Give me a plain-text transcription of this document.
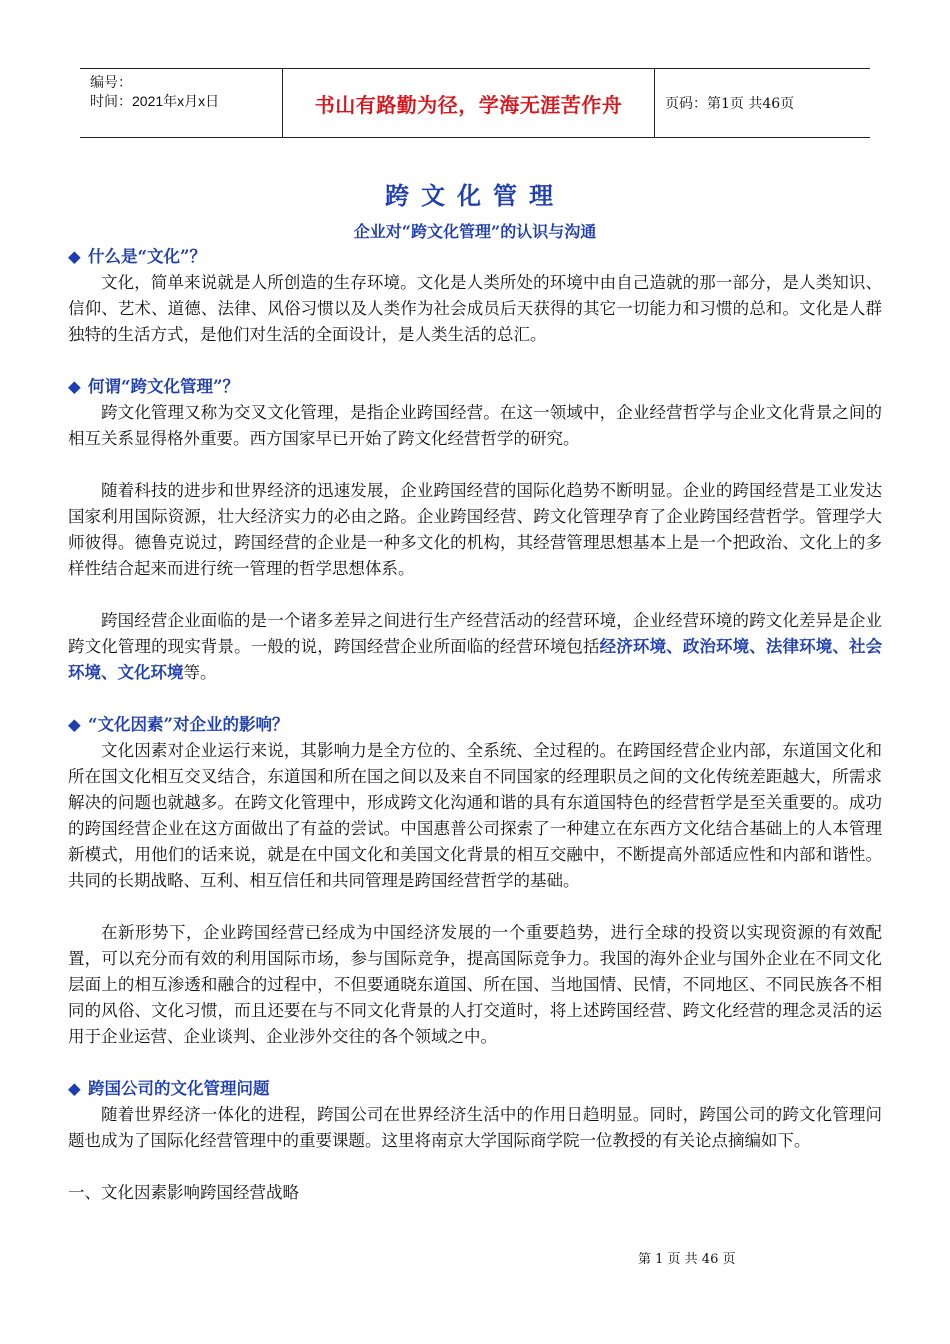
编号：
时间：2021年x月x日	书山有路勤为径，学海无涯苦作舟	页码：第1页 共46页
跨文化管理
企业对“跨文化管理”的认识与沟通
◆ 什么是“文化”？

文化，简单来说就是人所创造的生存环境。文化是人类所处的环境中由自己造就的那一部分，是人类知识、信仰、艺术、道德、法律、风俗习惯以及人类作为社会成员后天获得的其它一切能力和习惯的总和。文化是人群独特的生活方式，是他们对生活的全面设计，是人类生活的总汇。

◆ 何谓“跨文化管理”？

跨文化管理又称为交叉文化管理，是指企业跨国经营。在这一领域中，企业经营哲学与企业文化背景之间的相互关系显得格外重要。西方国家早已开始了跨文化经营哲学的研究。

随着科技的进步和世界经济的迅速发展，企业跨国经营的国际化趋势不断明显。企业的跨国经营是工业发达国家利用国际资源，壮大经济实力的必由之路。企业跨国经营、跨文化管理孕育了企业跨国经营哲学。管理学大师彼得。德鲁克说过，跨国经营的企业是一种多文化的机构，其经营管理思想基本上是一个把政治、文化上的多样性结合起来而进行统一管理的哲学思想体系。

跨国经营企业面临的是一个诸多差异之间进行生产经营活动的经营环境，企业经营环境的跨文化差异是企业跨文化管理的现实背景。一般的说，跨国经营企业所面临的经营环境包括经济环境、政治环境、法律环境、社会环境、文化环境等。

◆ “文化因素”对企业的影响？

文化因素对企业运行来说，其影响力是全方位的、全系统、全过程的。在跨国经营企业内部，东道国文化和所在国文化相互交叉结合，东道国和所在国之间以及来自不同国家的经理职员之间的文化传统差距越大，所需求解决的问题也就越多。在跨文化管理中，形成跨文化沟通和谐的具有东道国特色的经营哲学是至关重要的。成功的跨国经营企业在这方面做出了有益的尝试。中国惠普公司探索了一种建立在东西方文化结合基础上的人本管理新模式，用他们的话来说，就是在中国文化和美国文化背景的相互交融中，不断提高外部适应性和内部和谐性。共同的长期战略、互利、相互信任和共同管理是跨国经营哲学的基础。

在新形势下，企业跨国经营已经成为中国经济发展的一个重要趋势，进行全球的投资以实现资源的有效配置，可以充分而有效的利用国际市场，参与国际竞争，提高国际竞争力。我国的海外企业与国外企业在不同文化层面上的相互渗透和融合的过程中，不但要通晓东道国、所在国、当地国情、民情，不同地区、不同民族各不相同的风俗、文化习惯，而且还要在与不同文化背景的人打交道时，将上述跨国经营、跨文化经营的理念灵活的运用于企业运营、企业谈判、企业涉外交往的各个领域之中。

◆ 跨国公司的文化管理问题

随着世界经济一体化的进程，跨国公司在世界经济生活中的作用日趋明显。同时，跨国公司的跨文化管理问题也成为了国际化经营管理中的重要课题。这里将南京大学国际商学院一位教授的有关论点摘编如下。

一、文化因素影响跨国经营战略
第 1 页 共 46 页
